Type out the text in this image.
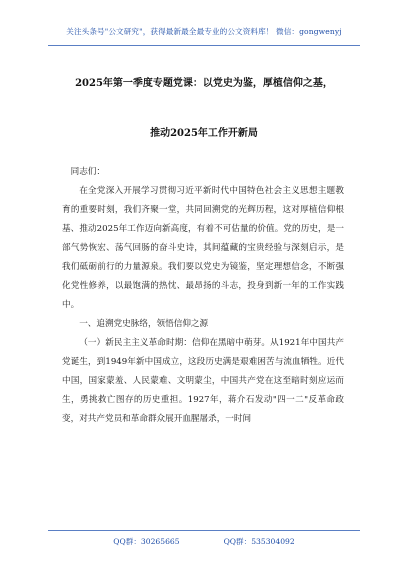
关注头条号"公文研究"，获得最新最全最专业的公文资料库！ 微信：gongwenyj
2025年第一季度专题党课：以党史为鉴，厚植信仰之基，
推动2025年工作开新局

同志们：

在全党深入开展学习贯彻习近平新时代中国特色社会主义思想主题教育的重要时刻，我们齐聚一堂，共同回溯党的光辉历程，这对厚植信仰根基、推动2025年工作迈向新高度，有着不可估量的价值。党的历史，是一部气势恢宏、荡气回肠的奋斗史诗，其间蕴藏的宝贵经验与深刻启示，是我们砥砺前行的力量源泉。我们要以党史为镜鉴，坚定理想信念，不断强化党性修养，以最饱满的热忱、最昂扬的斗志，投身到新一年的工作实践中。

一、追溯党史脉络，领悟信仰之源

（一）新民主主义革命时期：信仰在黑暗中萌芽。从1921年中国共产党诞生，到1949年新中国成立，这段历史满是艰难困苦与流血牺牲。近代中国，国家蒙羞、人民蒙难、文明蒙尘，中国共产党在这至暗时刻应运而生，勇挑救亡图存的历史重担。1927年，蒋介石发动"四一二"反革命政变，对共产党员和革命群众展开血腥屠杀，一时间

QQ群：30265665	QQ群：535304092
